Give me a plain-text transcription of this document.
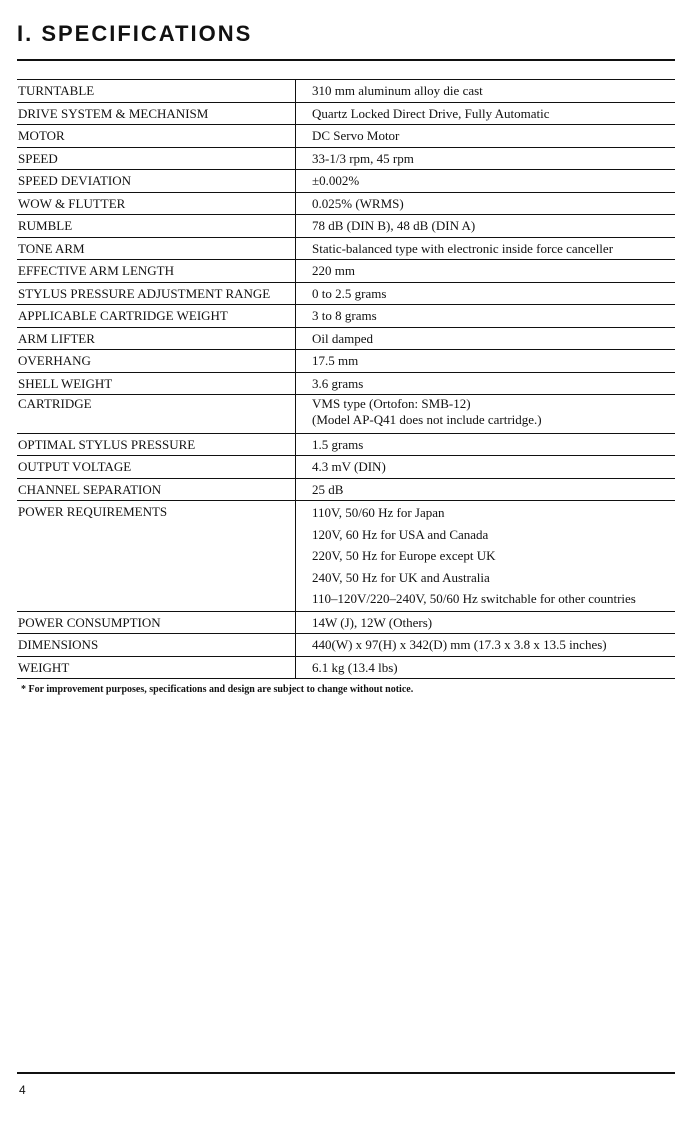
I. SPECIFICATIONS
TURNTABLE	310 mm aluminum alloy die cast

DRIVE SYSTEM & MECHANISM	Quartz Locked Direct Drive, Fully Automatic

MOTOR	DC Servo Motor

SPEED	33-1/3 rpm, 45 rpm

SPEED DEVIATION	±0.002%

WOW & FLUTTER	0.025% (WRMS)

RUMBLE	78 dB (DIN B), 48 dB (DIN A)

TONE ARM	Static-balanced type with electronic inside force canceller

EFFECTIVE ARM LENGTH	220 mm

STYLUS PRESSURE ADJUSTMENT RANGE	0 to 2.5 grams

APPLICABLE CARTRIDGE WEIGHT	3 to 8 grams

ARM LIFTER	Oil damped

OVERHANG	17.5 mm

SHELL WEIGHT	3.6 grams

CARTRIDGE	VMS type (Ortofon: SMB-12)
(Model AP-Q41 does not include cartridge.)

OPTIMAL STYLUS PRESSURE	1.5 grams

OUTPUT VOLTAGE	4.3 mV (DIN)

CHANNEL SEPARATION	25 dB

POWER REQUIREMENTS	110V, 50/60 Hz for Japan
120V, 60 Hz for USA and Canada
220V, 50 Hz for Europe except UK
240V, 50 Hz for UK and Australia
110–120V/220–240V, 50/60 Hz switchable for other countries

POWER CONSUMPTION	14W (J), 12W (Others)

DIMENSIONS	440(W) x 97(H) x 342(D) mm (17.3 x 3.8 x 13.5 inches)

WEIGHT	6.1 kg (13.4 lbs)

* For improvement purposes, specifications and design are subject to change without notice.

4
